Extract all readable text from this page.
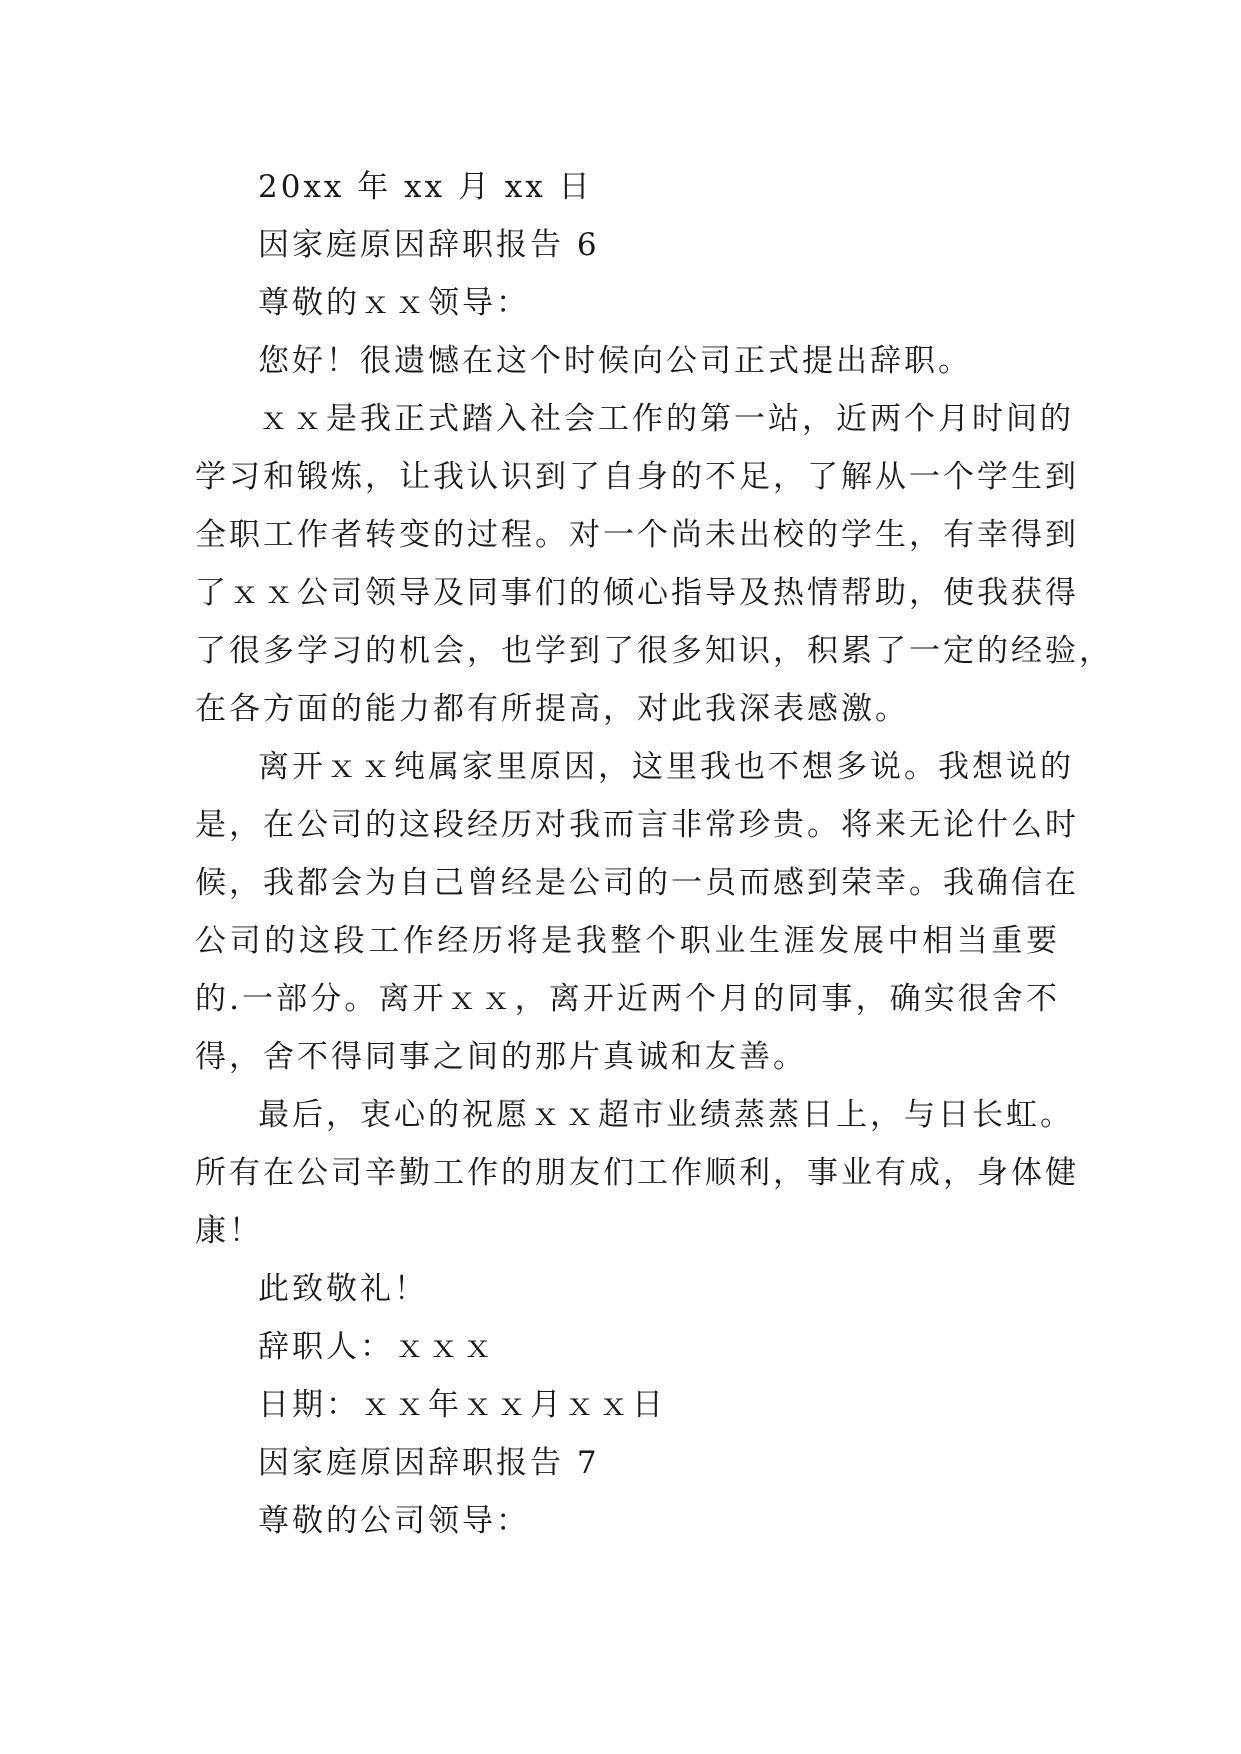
20xx 年 xx 月 xx 日
因家庭原因辞职报告 6
尊敬的ｘｘ领导：
您好！很遗憾在这个时候向公司正式提出辞职。
ｘｘ是我正式踏入社会工作的第一站，近两个月时间的
学习和锻炼，让我认识到了自身的不足，了解从一个学生到
全职工作者转变的过程。对一个尚未出校的学生，有幸得到
了ｘｘ公司领导及同事们的倾心指导及热情帮助，使我获得
了很多学习的机会，也学到了很多知识，积累了一定的经验，
在各方面的能力都有所提高，对此我深表感激。
离开ｘｘ纯属家里原因，这里我也不想多说。我想说的
是，在公司的这段经历对我而言非常珍贵。将来无论什么时
候，我都会为自己曾经是公司的一员而感到荣幸。我确信在
公司的这段工作经历将是我整个职业生涯发展中相当重要
的.一部分。离开ｘｘ，离开近两个月的同事，确实很舍不
得，舍不得同事之间的那片真诚和友善。
最后，衷心的祝愿ｘｘ超市业绩蒸蒸日上，与日长虹。
所有在公司辛勤工作的朋友们工作顺利，事业有成，身体健
康！
此致敬礼！
辞职人：ｘｘｘ
日期：ｘｘ年ｘｘ月ｘｘ日
因家庭原因辞职报告 7
尊敬的公司领导：
